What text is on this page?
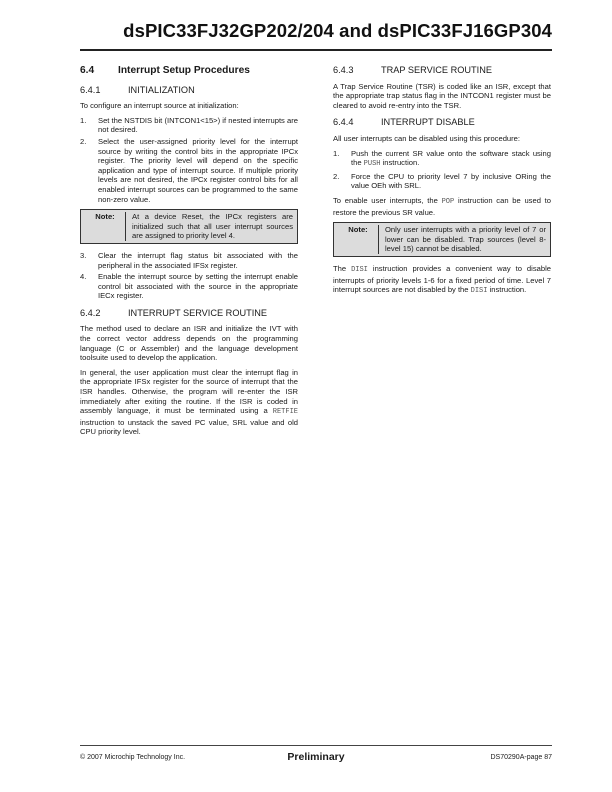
dsPIC33FJ32GP202/204 and dsPIC33FJ16GP304
6.4 Interrupt Setup Procedures
6.4.1	INITIALIZATION

To configure an interrupt source at initialization:

1.	Set the NSTDIS bit (INTCON1<15>) if nested interrupts are not desired.
2.	Select the user-assigned priority level for the interrupt source by writing the control bits in the appropriate IPCx register. The priority level will depend on the specific application and type of interrupt source. If multiple priority levels are not desired, the IPCx register control bits for all enabled interrupt sources can be programmed to the same non-zero value.
Note:	At a device Reset, the IPCx registers are initialized such that all user interrupt sources are assigned to priority level 4.
3.	Clear the interrupt flag status bit associated with the peripheral in the associated IFSx register.
4.	Enable the interrupt source by setting the interrupt enable control bit associated with the source in the appropriate IECx register.
6.4.2	INTERRUPT SERVICE ROUTINE

The method used to declare an ISR and initialize the IVT with the correct vector address depends on the programming language (C or Assembler) and the language development toolsuite used to develop the application.

In general, the user application must clear the interrupt flag in the appropriate IFSx register for the source of interrupt that the ISR handles. Otherwise, the program will re-enter the ISR immediately after exiting the routine. If the ISR is coded in assembly language, it must be terminated using a RETFIE instruction to unstack the saved PC value, SRL value and old CPU priority level.

6.4.3	TRAP SERVICE ROUTINE

A Trap Service Routine (TSR) is coded like an ISR, except that the appropriate trap status flag in the INTCON1 register must be cleared to avoid re-entry into the TSR.

6.4.4	INTERRUPT DISABLE

All user interrupts can be disabled using this procedure:

1.	Push the current SR value onto the software stack using the PUSH instruction.
2.	Force the CPU to priority level 7 by inclusive ORing the value OEh with SRL.

To enable user interrupts, the POP instruction can be used to restore the previous SR value.

Note:	Only user interrupts with a priority level of 7 or lower can be disabled. Trap sources (level 8-level 15) cannot be disabled.

The DISI instruction provides a convenient way to disable interrupts of priority levels 1-6 for a fixed period of time. Level 7 interrupt sources are not disabled by the DISI instruction.

© 2007 Microchip Technology Inc.	Preliminary	DS70290A-page 87
